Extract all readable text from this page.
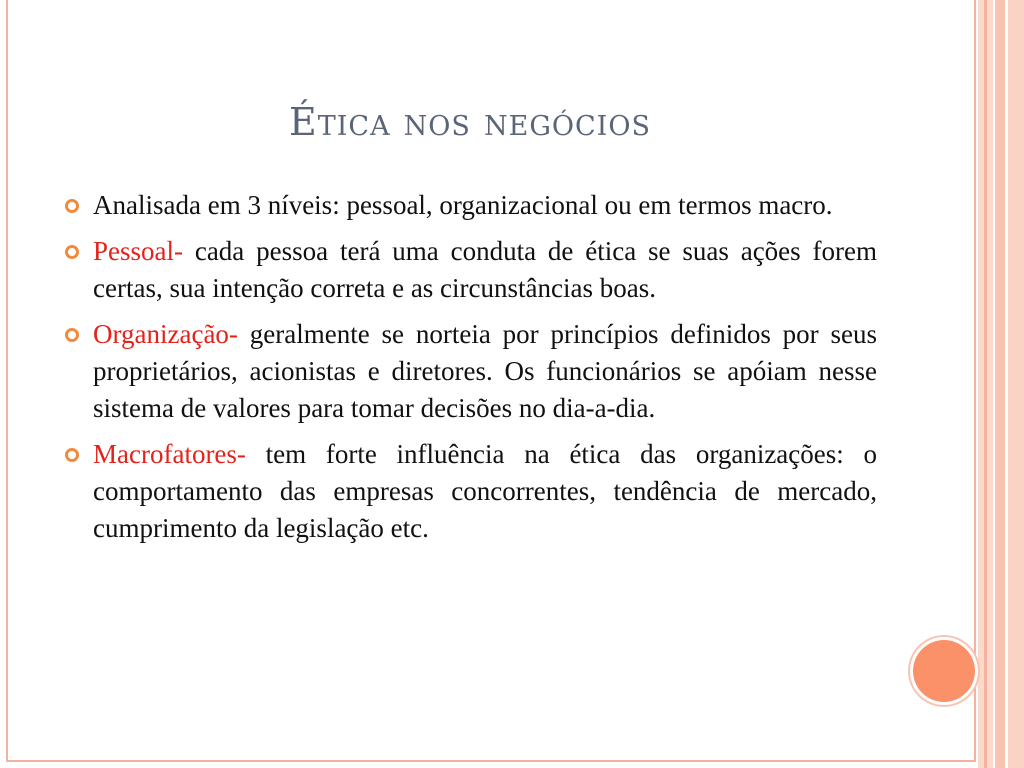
Ética nos negócios
Analisada em 3 níveis: pessoal, organizacional ou em termos macro.
Pessoal- cada pessoa terá uma conduta de ética se suas ações forem certas, sua intenção correta e as circunstâncias boas.
Organização- geralmente se norteia por princípios definidos por seus proprietários, acionistas e diretores. Os funcionários se apóiam nesse sistema de valores para tomar decisões no dia-a-dia.
Macrofatores- tem forte influência na ética das organizações: o comportamento das empresas concorrentes, tendência de mercado, cumprimento da legislação etc.
